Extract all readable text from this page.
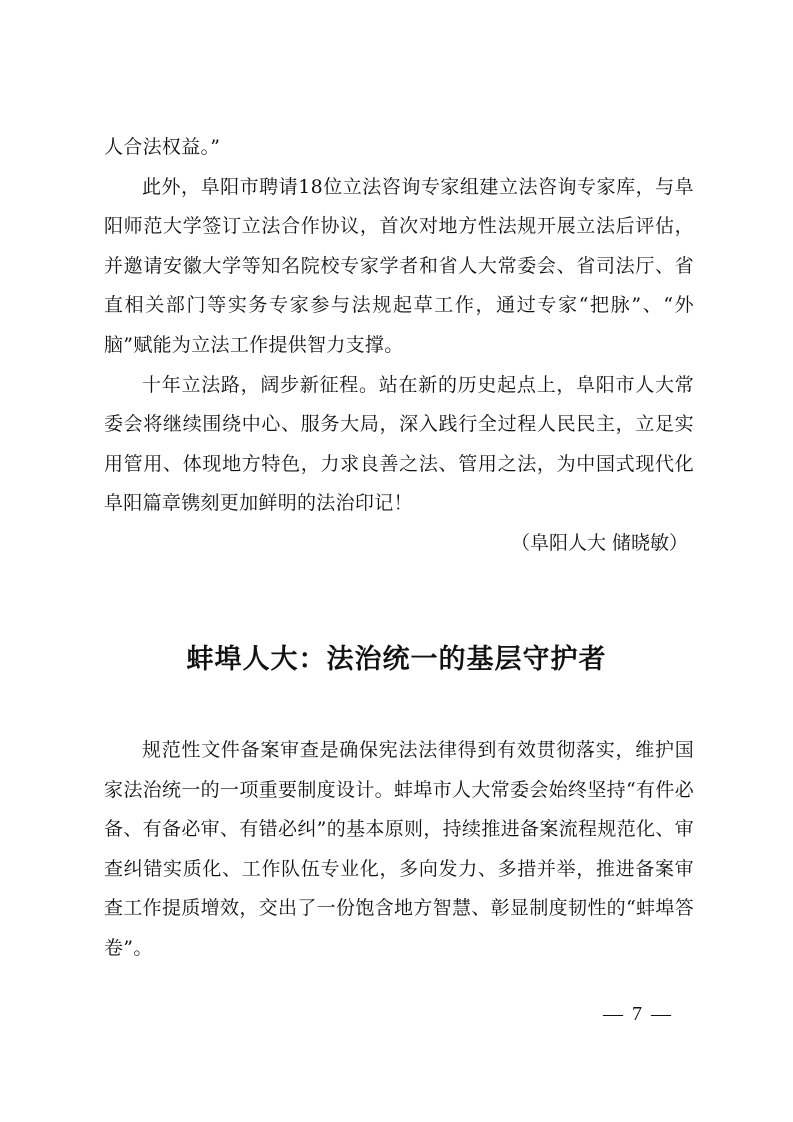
人合法权益。”

此外，阜阳市聘请18位立法咨询专家组建立法咨询专家库，与阜阳师范大学签订立法合作协议，首次对地方性法规开展立法后评估，并邀请安徽大学等知名院校专家学者和省人大常委会、省司法厅、省直相关部门等实务专家参与法规起草工作，通过专家“把脉”、“外脑”赋能为立法工作提供智力支撑。

十年立法路，阔步新征程。站在新的历史起点上，阜阳市人大常委会将继续围绕中心、服务大局，深入践行全过程人民民主，立足实用管用、体现地方特色，力求良善之法、管用之法，为中国式现代化阜阳篇章镌刻更加鲜明的法治印记！

（阜阳人大 储晓敏）

蚌埠人大：法治统一的基层守护者

规范性文件备案审查是确保宪法法律得到有效贯彻落实，维护国家法治统一的一项重要制度设计。蚌埠市人大常委会始终坚持“有件必备、有备必审、有错必纠”的基本原则，持续推进备案流程规范化、审查纠错实质化、工作队伍专业化，多向发力、多措并举，推进备案审查工作提质增效，交出了一份饱含地方智慧、彰显制度韧性的“蚌埠答卷”。

— 7 —
